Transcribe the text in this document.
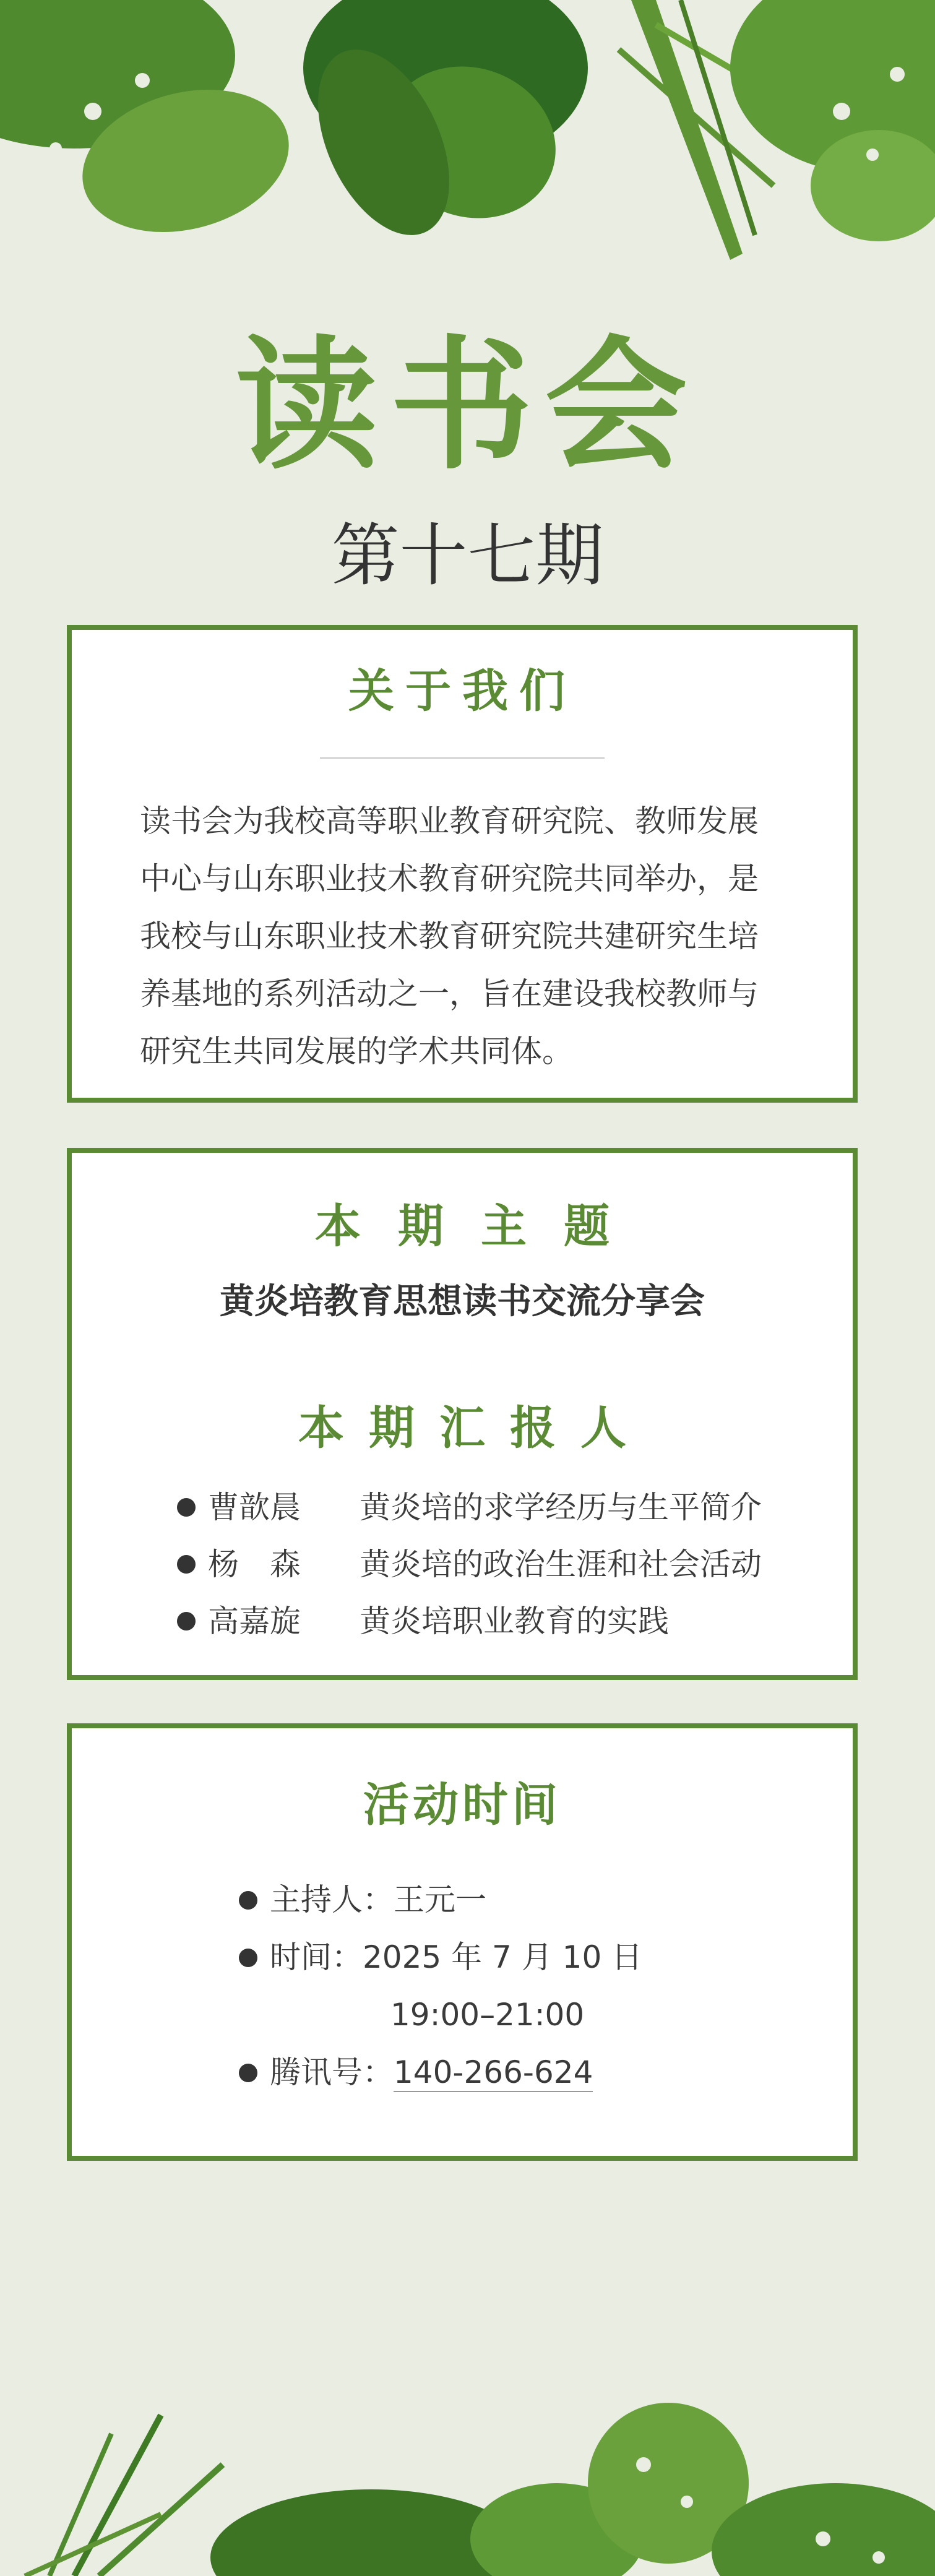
读书会
第十七期
关于我们
读书会为我校高等职业教育研究院、教师发展中心与山东职业技术教育研究院共同举办，是我校与山东职业技术教育研究院共建研究生培养基地的系列活动之一，旨在建设我校教师与研究生共同发展的学术共同体。
本期主题
黄炎培教育思想读书交流分享会
本期汇报人
曹歆晨	黄炎培的求学经历与生平简介
杨　森	黄炎培的政治生涯和社会活动
高嘉旋	黄炎培职业教育的实践
活动时间
主持人：王元一
时间：2025 年 7 月 10 日
19:00–21:00
腾讯号： 140-266-624
